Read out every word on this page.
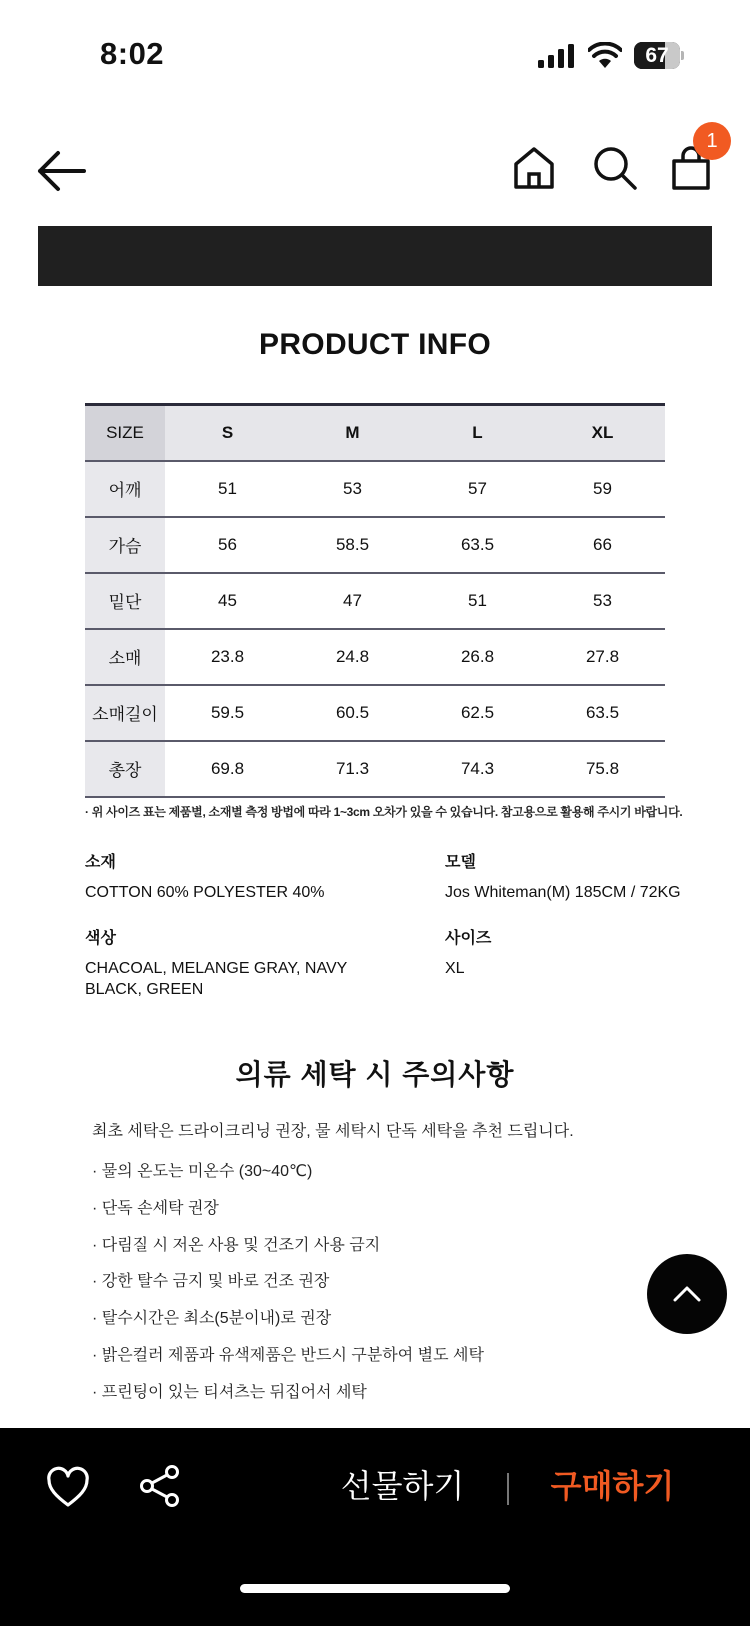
8:02	67
1
PRODUCT INFO
SIZE	S	M	L	XL
어깨	51	53	57	59
가슴	56	58.5	63.5	66
밑단	45	47	51	53
소매	23.8	24.8	26.8	27.8
소매길이	59.5	60.5	62.5	63.5
총장	69.8	71.3	74.3	75.8
· 위 사이즈 표는 제품별, 소재별 측정 방법에 따라 1~3cm 오차가 있을 수 있습니다. 참고용으로 활용해 주시기 바랍니다.
소재
COTTON 60% POLYESTER 40%
모델
Jos Whiteman(M) 185CM / 72KG
색상
CHACOAL, MELANGE GRAY, NAVY
BLACK, GREEN
사이즈
XL
의류 세탁 시 주의사항
최초 세탁은 드라이크리닝 권장, 물 세탁시 단독 세탁을 추천 드립니다.
· 물의 온도는 미온수 (30~40℃)
· 단독 손세탁 권장
· 다림질 시 저온 사용 및 건조기 사용 금지
· 강한 탈수 금지 및 바로 건조 권장
· 탈수시간은 최소(5분이내)로 권장
· 밝은컬러 제품과 유색제품은 반드시 구분하여 별도 세탁
· 프린팅이 있는 티셔츠는 뒤집어서 세탁
선물하기	구매하기
